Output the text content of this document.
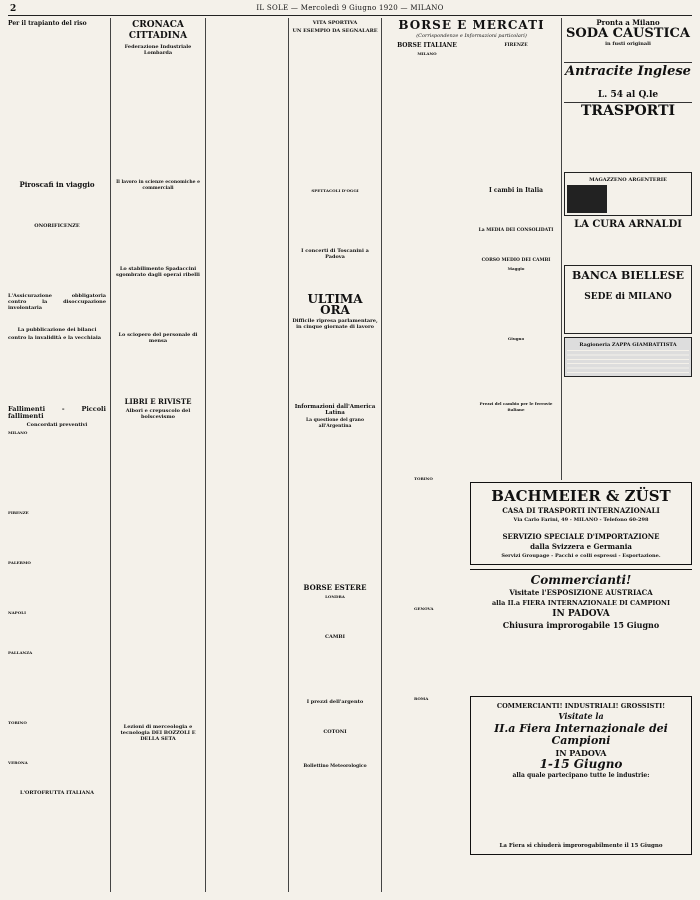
2	IL SOLE — Mercoledì 9 Giugno 1920 — MILANO
Per il trapianto del riso
Piroscafi in viaggio
ONORIFICENZE
L'Assicurazione obbligatoria contro la disoccupazione involontaria
La pubblicazione dei bilanci
contro la invalidità e la vecchiaia
Fallimenti - Piccoli fallimenti
Concordati preventivi
MILANO
FIRENZE
PALERMO
NAPOLI
PALLANZA
TORINO
VERONA
L'ORTOFRUTTA ITALIANA
CRONACA CITTADINA
Federazione Industriale Lombarda
Il lavoro in scienze economiche e commerciali
Lo stabilimento Spadaccini sgombrato dagli operai ribelli
Lo sciopero del personale di mensa
LIBRI E RIVISTE
Albori e crepuscolo del bolscevismo
Lezioni di merceologia e tecnologia DEI BOZZOLI E DELLA SETA
VITA SPORTIVA
UN ESEMPIO DA SEGNALARE
SPETTACOLI D'OGGI
I concerti di Toscanini a Padova
ULTIMA ORA
Difficile ripresa parlamentare, in cinque giornate di lavoro
Informazioni dall'America Latina
La questione del grano all'Argentina
BORSE ESTERE
LONDRA
CAMBI
I prezzi dell'argento
COTONI
Bollettino Meteorologico
BORSE E MERCATI
(Corrispondenze e Informazioni particolari)
BORSE ITALIANE
MILANO
FIRENZE
I cambi in Italia
La MEDIA DEI CONSOLIDATI
CORSO MEDIO DEI CAMBI
Maggio
Giugno
Prezzi del cambio per le ferrovie italiane
TORINO
GENOVA
ROMA
Pronta a Milano
SODA CAUSTICA
in fusti originali
Antracite Inglese
L. 54 al Q.le
TRASPORTI
MAGAZZENO ARGENTERIE
LA CURA ARNALDI
BANCA BIELLESE
SEDE di MILANO
Ragioneria ZAPPA GIAMBATTISTA
BACHMEIER & ZÜST
CASA DI TRASPORTI INTERNAZIONALI
Via Carlo Farini, 49 - MILANO - Telefono 60-298
SERVIZIO SPECIALE D'IMPORTAZIONE
dalla Svizzera e Germania
Servizi Groupage - Pacchi e colli espressi - Esportazione.
Commercianti!
Visitate l'ESPOSIZIONE AUSTRIACA
alla II.a FIERA INTERNAZIONALE DI CAMPIONI
IN PADOVA
Chiusura improrogabile 15 Giugno
COMMERCIANTI! INDUSTRIALI! GROSSISTI!
Visitate la
II.a Fiera Internazionale dei Campioni
IN PADOVA
1-15 Giugno
alla quale partecipano tutte le industrie:
La Fiera si chiuderà improrogabilmente il 15 Giugno
